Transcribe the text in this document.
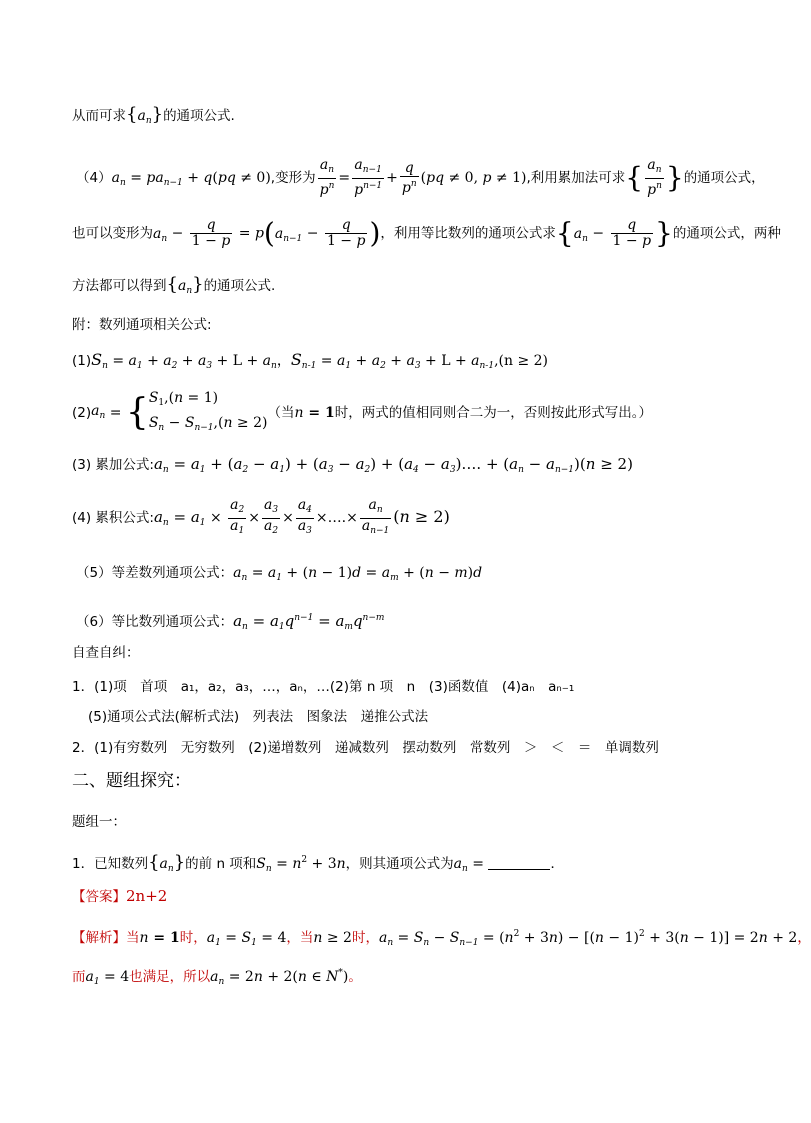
从而可求$\{a_n\}$的通项公式.
$(4)a_n = pa_{n-1} + q(pq \ne 0)$,变形为 $\frac{a_n}{p^n} = \frac{a_{n-1}}{p^{n-1}} + \frac{q}{p^n} (pq \ne 0$, p ≠ 1),利用累加法可求{ $\frac{a_n}{p^n}$ }的通项公式，
也可以变形为$a_n - \frac{q}{1 - p} = p(a_{n-1} - \frac{q}{1 - p}$ )，利用等比数列的通项公式求{$a_n - \frac{q}{1 - p}$ }的通项公式，两种
方法都可以得到$\{a_n\}$的通项公式.
附：数列通项相关公式:
$(1)S_n = a_1 + a_2 + a_3 + L + a_n$，$S_{n-1} = a_1 + a_2 + a_3 + L + a_{n-1},(n \ge 2)$
$(2)a_n$ = { $S_1,(n = 1)$
$S_n - S_{n-1},(n \ge 2)$
（当n = 1时，两式的值相同则合二为一，否则按此形式写出。）
(3) 累加公式$:a_n = a_1 + (a_2 - a_1) + (a_3 - a_2) + (a_4$ − $a_3)\dots$. + $(a_n - a_{n-1})(n \ge 2)$
(4) 累积公式$:a_n = a_1 \times \frac{a_2}{a_1} \times \frac{a_3}{a_2} \times \frac{a_4}{a_3}$ ×….× $\frac{a_n}{a_{n-1}} (n \ge 2)$
（5）等差数列通项公式：$a_n = a_1 + (n - 1)d = a_m + (n - m)d$
（6）等比数列通项公式：$a_n = a_1q^{n-1} = a_mq^{n-m}$
自查自纠：
1．(1)项　首项　a₁，a₂，a₃，…，aₙ，…(2)第 n 项　n　(3)函数值　(4)aₙ　aₙ₋₁
(5)通项公式法(解析式法)　列表法　图象法　递推公式法
2．(1)有穷数列　无穷数列　(2)递增数列　递减数列　摆动数列　常数列　＞　＜　＝　单调数列
二、题组探究：
题组一：
1．已知数列$\{a_n\}$的前 n 项和$S_n = n^2 + 3n$，则其通项公式为$a_n$ =	．
【答案】2n+2
【解析】当n = 1时，$a_1 = S_1 = 4$，当n ≥ 2时，$a_n = S_n - S_{n-1} = (n^2 + 3n) - [(n - 1)^2 + 3(n - 1)] = 2n + 2$，
而$a_1 = 4$也满足，所以$a_n = 2n + 2(n$ ∈ N*)。
